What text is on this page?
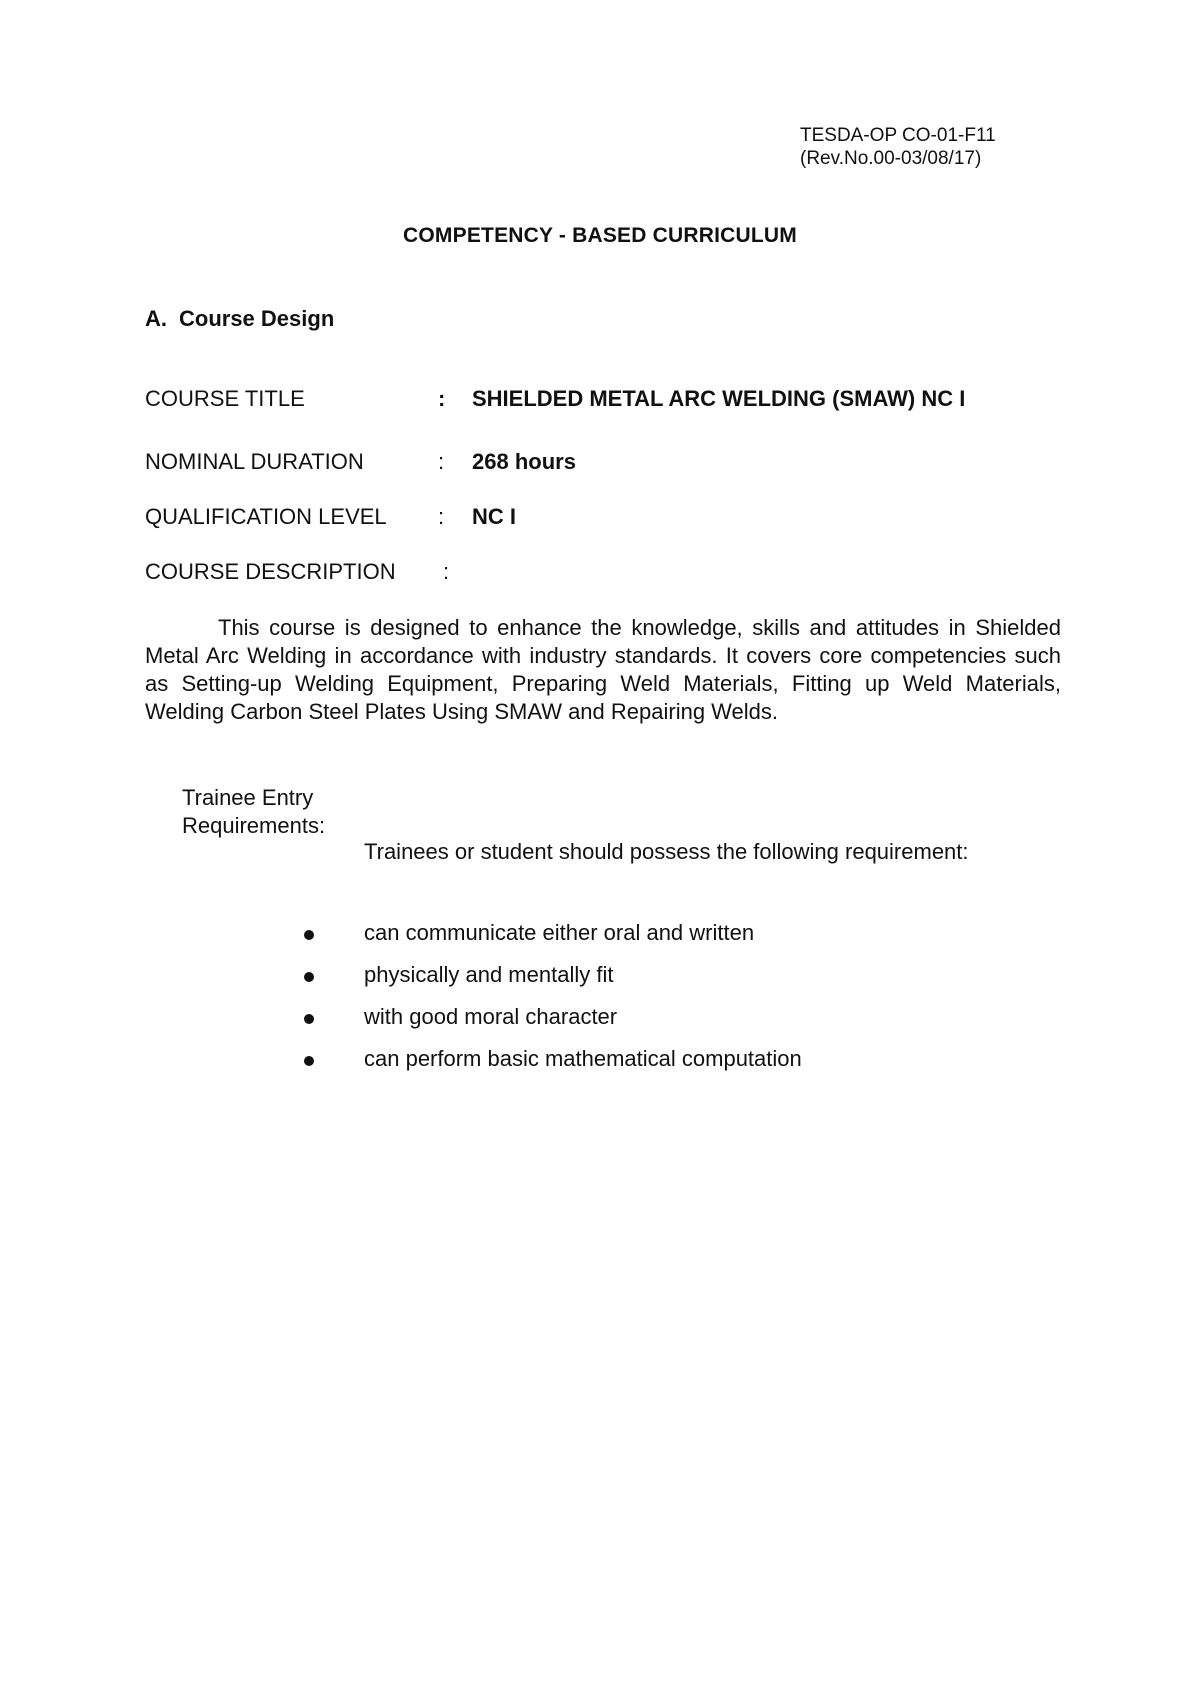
TESDA-OP CO-01-F11
(Rev.No.00-03/08/17)
COMPETENCY - BASED CURRICULUM
A. Course Design
COURSE TITLE	: SHIELDED METAL ARC WELDING (SMAW) NC I
NOMINAL DURATION	: 268 hours
QUALIFICATION LEVEL : NC I
COURSE DESCRIPTION :

This course is designed to enhance the knowledge, skills and attitudes in Shielded Metal Arc Welding in accordance with industry standards. It covers core competencies such as Setting-up Welding Equipment, Preparing Weld Materials, Fitting up Weld Materials, Welding Carbon Steel Plates Using SMAW and Repairing Welds.

Trainee Entry
Requirements:
Trainees or student should possess the following requirement:
can communicate either oral and written
physically and mentally fit
with good moral character
can perform basic mathematical computation
